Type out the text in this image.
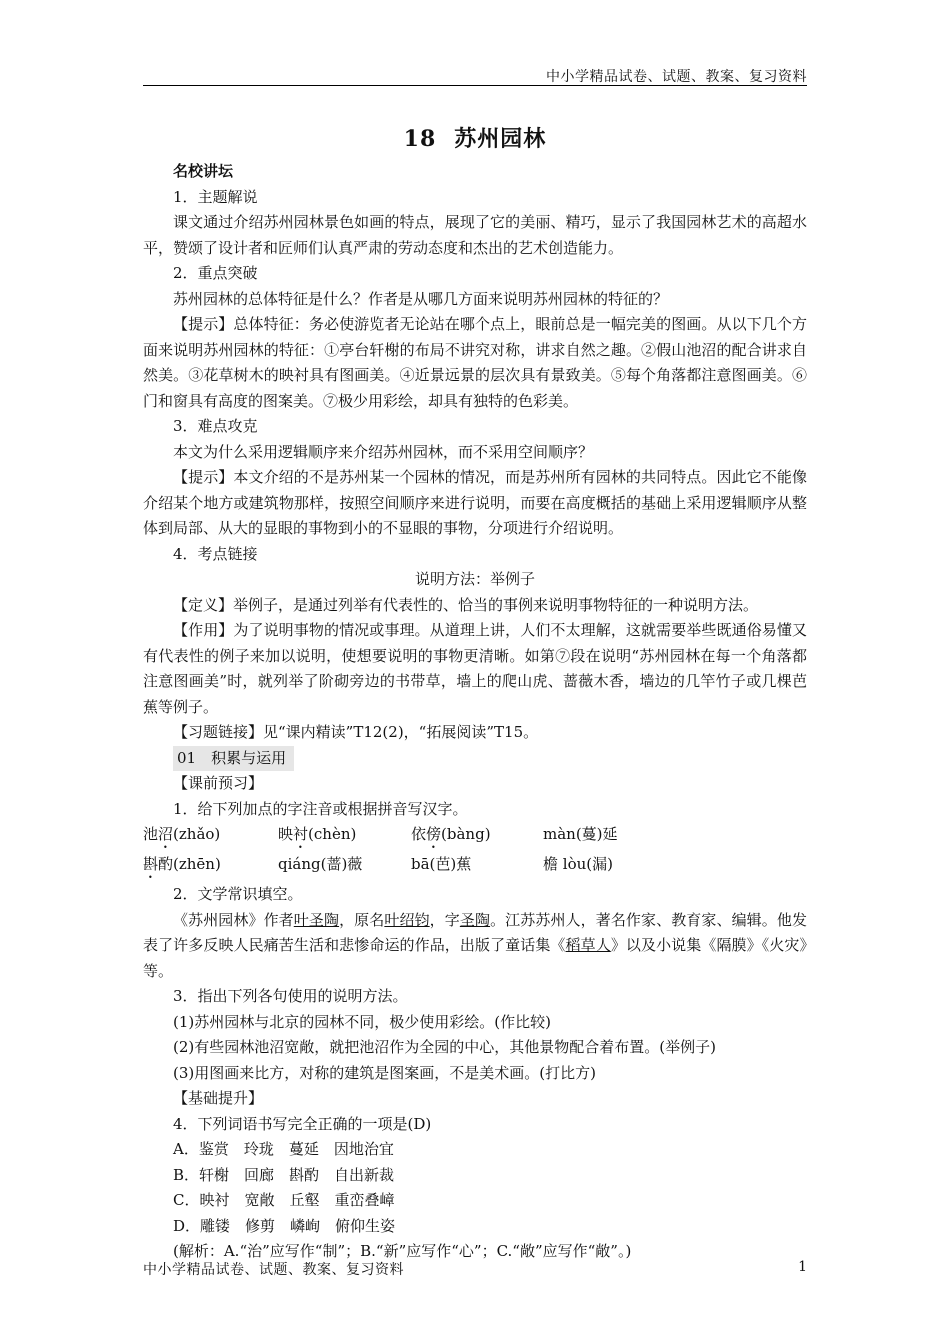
中小学精品试卷、试题、教案、复习资料
18 苏州园林

名校讲坛

1．主题解说

课文通过介绍苏州园林景色如画的特点，展现了它的美丽、精巧，显示了我国园林艺术的高超水平，赞颂了设计者和匠师们认真严肃的劳动态度和杰出的艺术创造能力。

2．重点突破

苏州园林的总体特征是什么？作者是从哪几方面来说明苏州园林的特征的？

【提示】总体特征：务必使游览者无论站在哪个点上，眼前总是一幅完美的图画。从以下几个方面来说明苏州园林的特征：①亭台轩榭的布局不讲究对称，讲求自然之趣。②假山池沼的配合讲求自然美。③花草树木的映衬具有图画美。④近景远景的层次具有景致美。⑤每个角落都注意图画美。⑥门和窗具有高度的图案美。⑦极少用彩绘，却具有独特的色彩美。

3．难点攻克

本文为什么采用逻辑顺序来介绍苏州园林，而不采用空间顺序？

【提示】本文介绍的不是苏州某一个园林的情况，而是苏州所有园林的共同特点。因此它不能像介绍某个地方或建筑物那样，按照空间顺序来进行说明，而要在高度概括的基础上采用逻辑顺序从整体到局部、从大的显眼的事物到小的不显眼的事物，分项进行介绍说明。

4．考点链接

说明方法：举例子

【定义】举例子，是通过列举有代表性的、恰当的事例来说明事物特征的一种说明方法。

【作用】为了说明事物的情况或事理。从道理上讲，人们不太理解，这就需要举些既通俗易懂又有代表性的例子来加以说明，使想要说明的事物更清晰。如第⑦段在说明“苏州园林在每一个角落都注意图画美”时，就列举了阶砌旁边的书带草，墙上的爬山虎、蔷薇木香，墙边的几竿竹子或几棵芭蕉等例子。

【习题链接】见“课内精读”T12(2)，“拓展阅读”T15。

01　积累与运用

【课前预习】

1．给下列加点的字注音或根据拼音写汉字。

池沼(zhǎo)	映衬(chèn)	依傍(bàng)	màn(蔓)延
斟酌(zhēn)	qiáng(蔷)薇	bā(芭)蕉	檐 lòu(漏)

2．文学常识填空。

《苏州园林》作者叶圣陶，原名叶绍钧，字圣陶。江苏苏州人，著名作家、教育家、编辑。他发表了许多反映人民痛苦生活和悲惨命运的作品，出版了童话集《稻草人》以及小说集《隔膜》《火灾》等。

3．指出下列各句使用的说明方法。

(1)苏州园林与北京的园林不同，极少使用彩绘。(作比较)

(2)有些园林池沼宽敞，就把池沼作为全园的中心，其他景物配合着布置。(举例子)

(3)用图画来比方，对称的建筑是图案画，不是美术画。(打比方)

【基础提升】

4．下列词语书写完全正确的一项是(D)

A．鉴赏　玲珑　蔓延　因地治宜

B．轩榭　回廊　斟酌　自出新裁

C．映衬　宽敞　丘壑　重峦叠嶂

D．雕镂　修剪　嶙峋　俯仰生姿

(解析：A.“治”应写作“制”；B.“新”应写作“心”；C.“敞”应写作“敞”。)

中小学精品试卷、试题、教案、复习资料	1
